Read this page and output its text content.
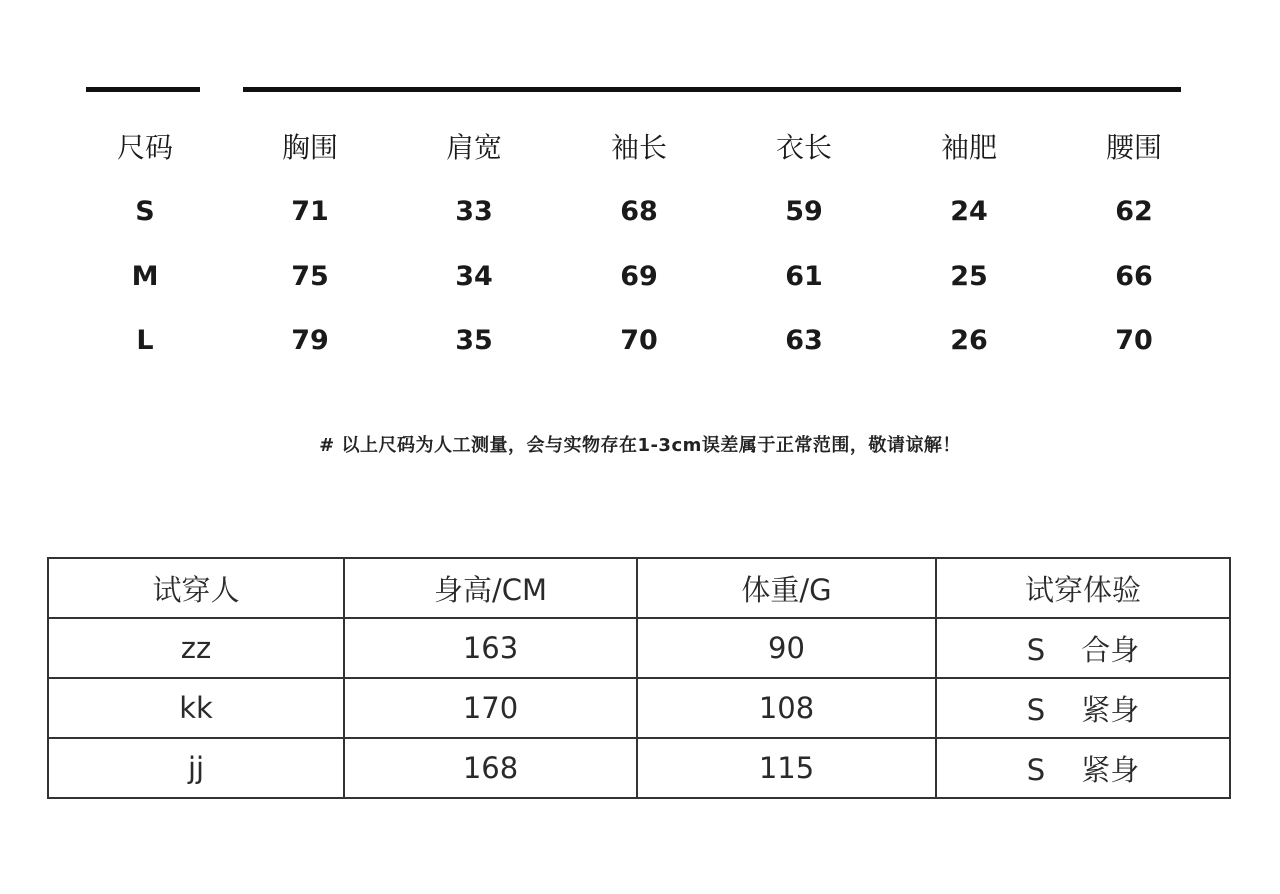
尺码	胸围	肩宽	袖长	衣长	袖肥	腰围
S	71	33	68	59	24	62
M	75	34	69	61	25	66
L	79	35	70	63	26	70
# 以上尺码为人工测量，会与实物存在1-3cm误差属于正常范围，敬请谅解！
试穿人	身高/CM	体重/G	试穿体验
zz	163	90	S 合身
kk	170	108	S 紧身
jj	168	115	S 紧身
